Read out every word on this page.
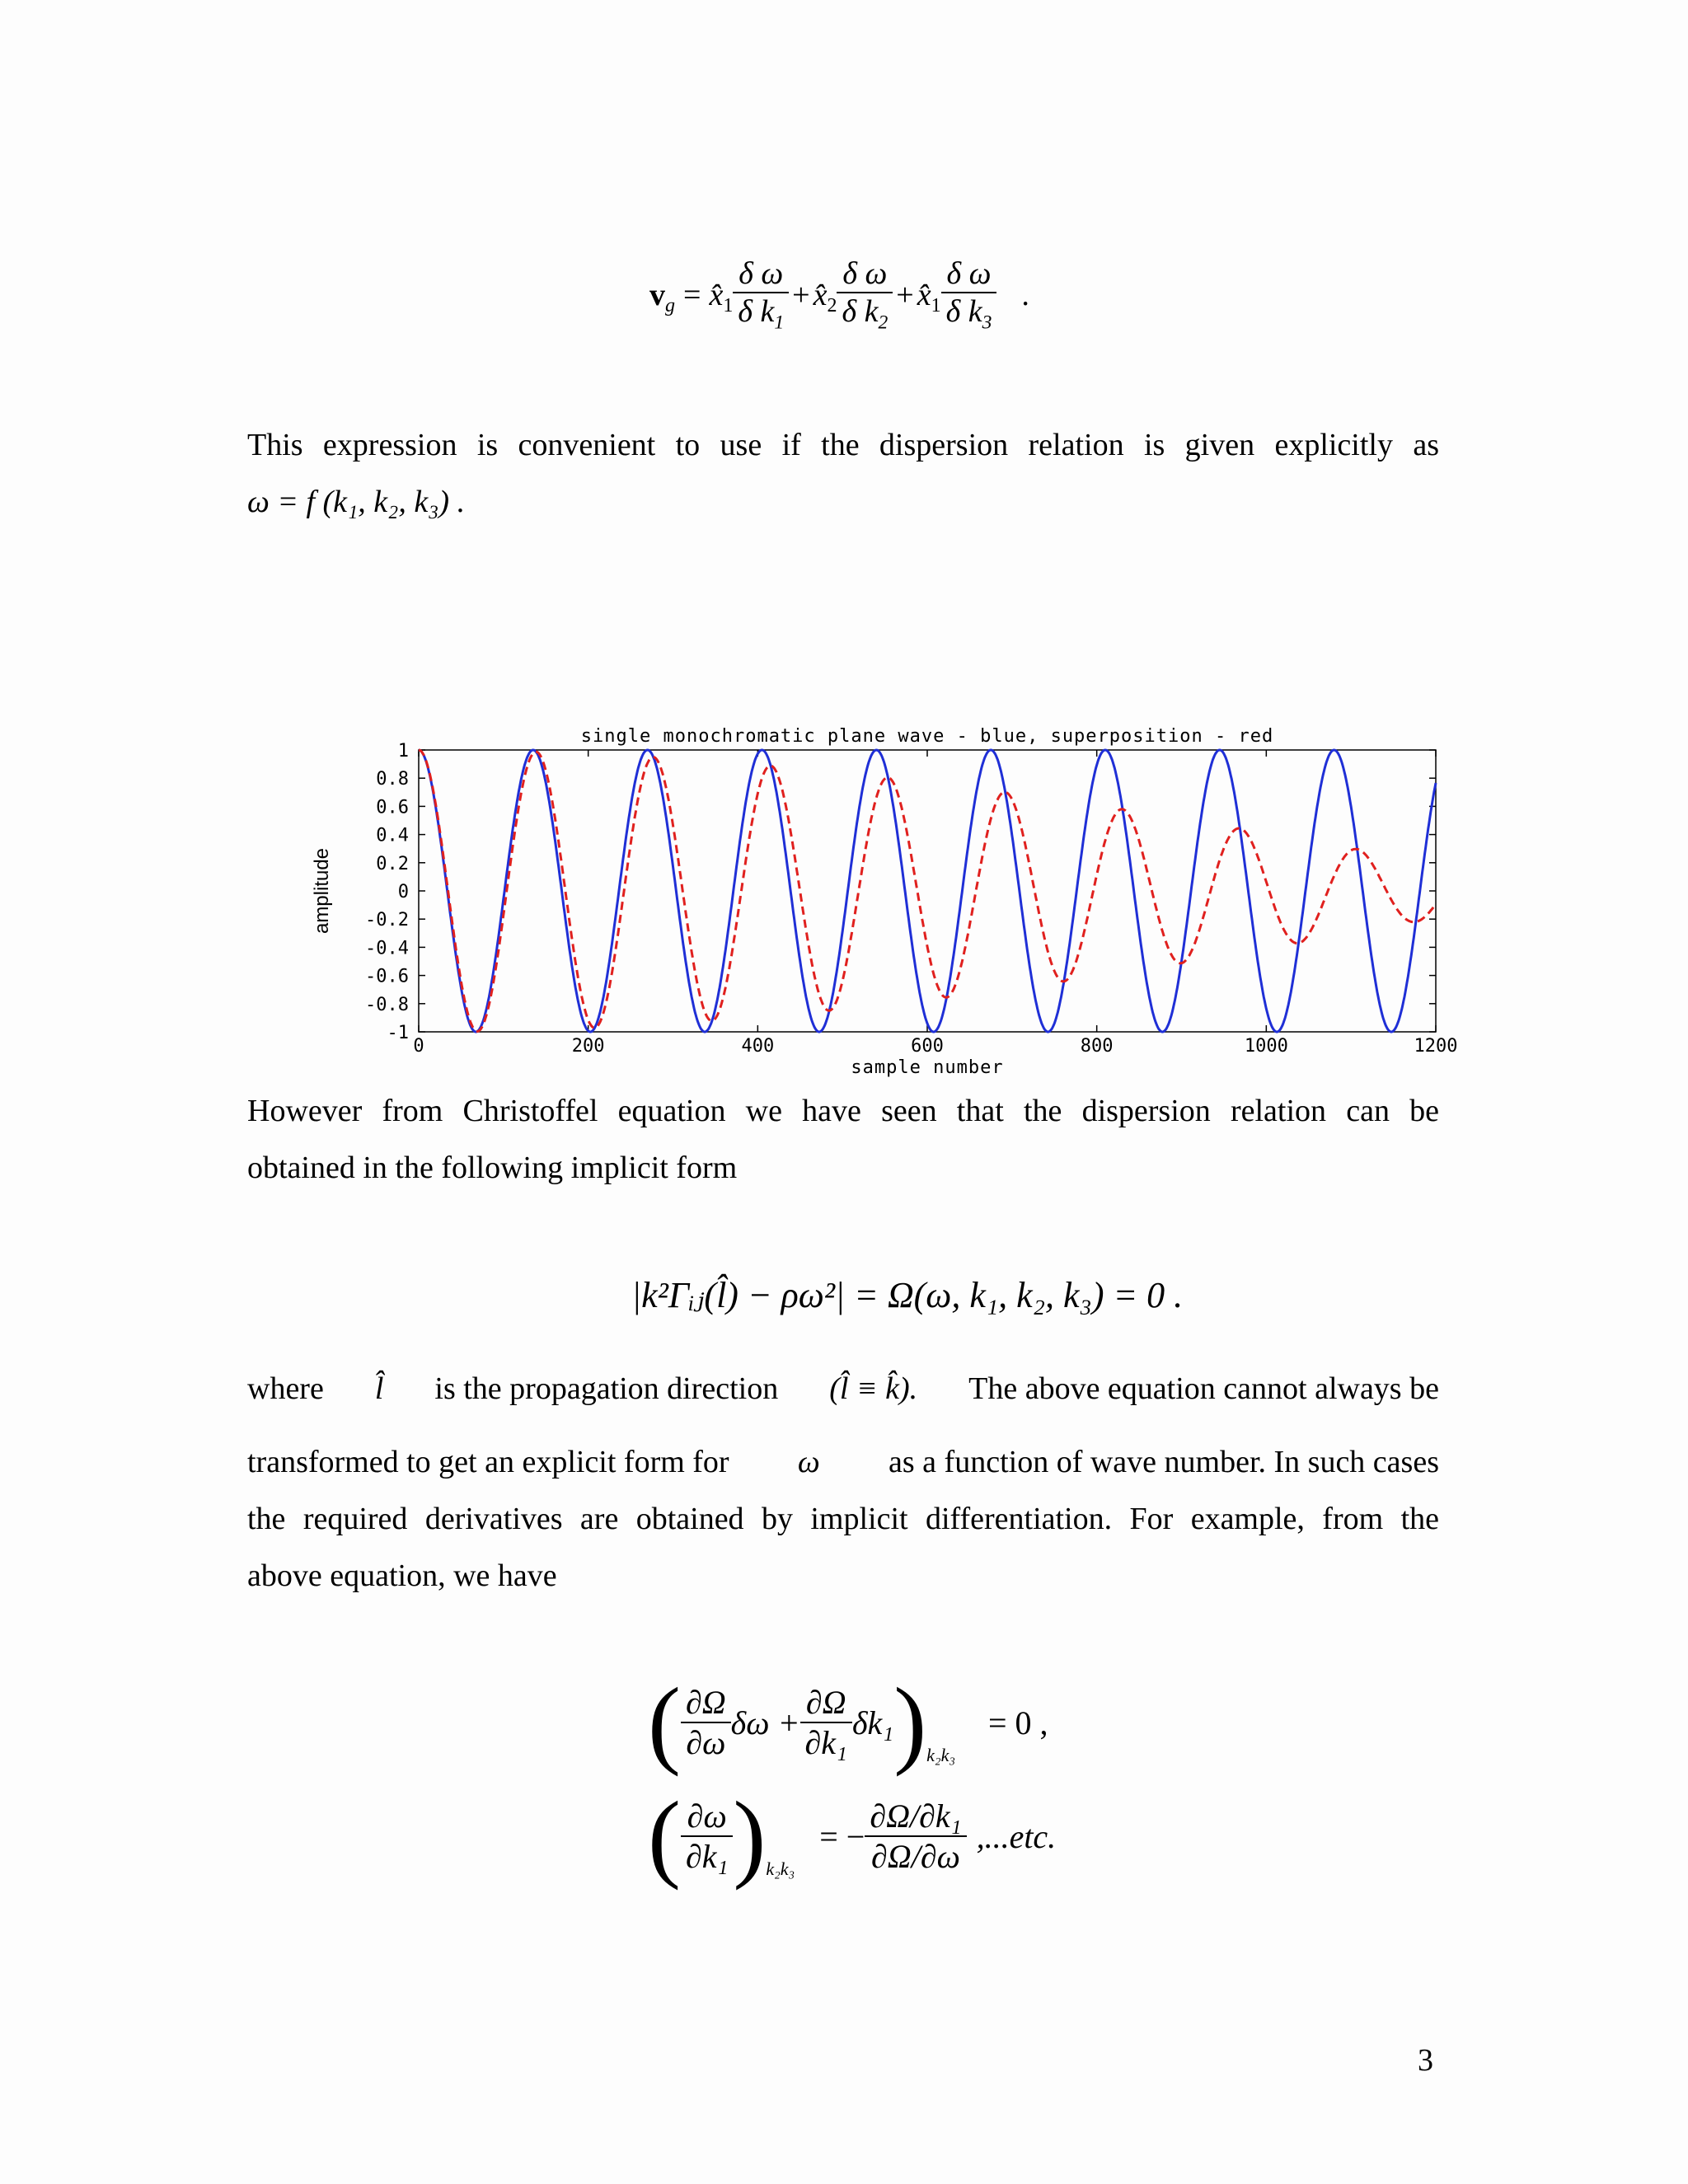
v g = x̂ $1 \frac{\text{δ ω}}{\delta k_1}$ + x̂ $2 \frac{\text{δ ω}}{\delta k_2}$ + x̂ $1 \frac{\text{δ ω}}{\delta k_3}$ .
This expression is convenient to use if the dispersion relation is given explicitly as
ω = f (k₁, k₂, k₃) .
single monochromatic plane wave - blue, superposition - red
0	200	400	600	800	1000	1200
1
0.8
0.6
0.4
0.2
0
-0.2
-0.4
-0.6
-0.8
-1
sample number
amplitude
However from Christoffel equation we have seen that the dispersion relation can be
obtained in the following implicit form
|k²Γᵢⱼ(l̂) − ρω²| = Ω(ω, k₁, k₂, k₃) = 0 .
where l̂ is the propagation direction (l̂ ≡ k̂). The above equation cannot always be
transformed to get an explicit form for ω as a function of wave number. In such cases
the required derivatives are obtained by implicit differentiation. For example, from the
above equation, we have
( $\frac{\partial\Omega}{\partial\omega}$ $\delta\omega + \frac{\partial\Omega}{\text{∂k₁}} \delta k_1$ ) k₂k₃
= 0 ,
( $\frac{\partial\omega}{\text{∂k₁}}$ ) k₂k₃
= − $\frac{\text{∂Ω/∂k₁}}{\partial\Omega/\partial\omega} ,...etc$.
3
